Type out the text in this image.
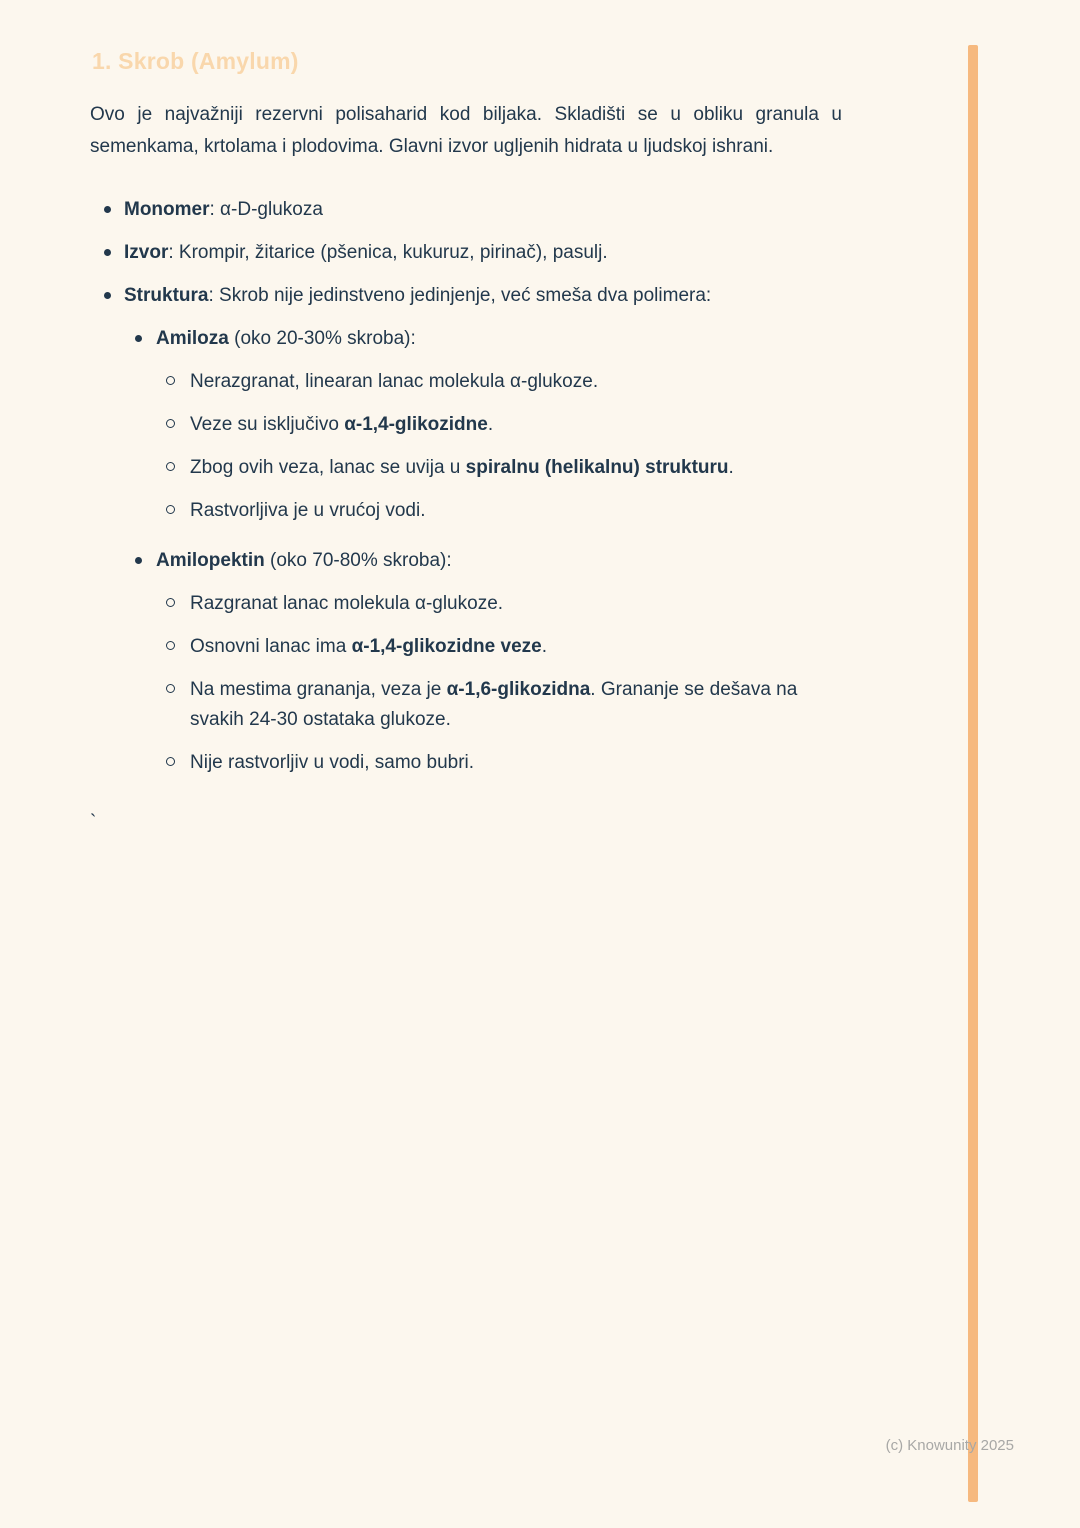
1. Skrob (Amylum)

Ovo je najvažniji rezervni polisaharid kod biljaka. Skladišti se u obliku granula u semenkama, krtolama i plodovima. Glavni izvor ugljenih hidrata u ljudskoj ishrani.

Monomer: α-D-glukoza
Izvor: Krompir, žitarice (pšenica, kukuruz, pirinač), pasulj.
Struktura: Skrob nije jedinstveno jedinjenje, već smeša dva polimera:
Amiloza (oko 20-30% skroba):
Nerazgranat, linearan lanac molekula α-glukoze.
Veze su isključivo α-1,4-glikozidne.
Zbog ovih veza, lanac se uvija u spiralnu (helikalnu) strukturu.
Rastvorljiva je u vrućoj vodi.
Amilopektin (oko 70-80% skroba):
Razgranat lanac molekula α-glukoze.
Osnovni lanac ima α-1,4-glikozidne veze.
Na mestima grananja, veza je α-1,6-glikozidna. Grananje se dešava na svakih 24-30 ostataka glukoze.
Nije rastvorljiv u vodi, samo bubri.
`
(c) Knowunity 2025
